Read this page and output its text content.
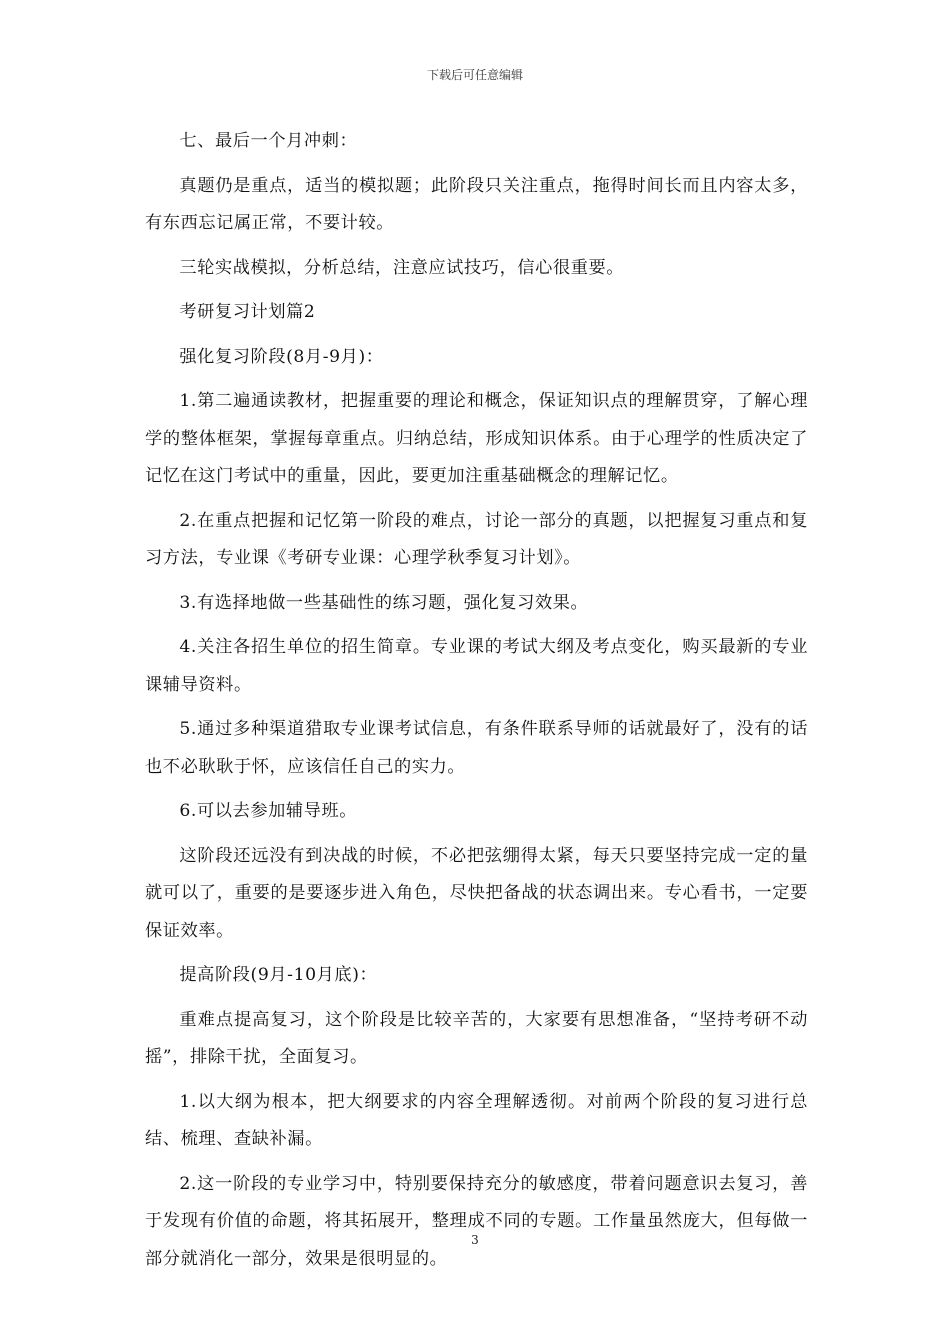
下载后可任意编辑

七、最后一个月冲刺：

真题仍是重点，适当的模拟题；此阶段只关注重点，拖得时间长而且内容太多，有东西忘记属正常，不要计较。

三轮实战模拟，分析总结，注意应试技巧，信心很重要。

考研复习计划篇2

强化复习阶段(8月-9月)：

1.第二遍通读教材，把握重要的理论和概念，保证知识点的理解贯穿，了解心理学的整体框架，掌握每章重点。归纳总结，形成知识体系。由于心理学的性质决定了记忆在这门考试中的重量，因此，要更加注重基础概念的理解记忆。

2.在重点把握和记忆第一阶段的难点，讨论一部分的真题，以把握复习重点和复习方法，专业课《考研专业课：心理学秋季复习计划》。

3.有选择地做一些基础性的练习题，强化复习效果。

4.关注各招生单位的招生简章。专业课的考试大纲及考点变化，购买最新的专业课辅导资料。

5.通过多种渠道猎取专业课考试信息，有条件联系导师的话就最好了，没有的话也不必耿耿于怀，应该信任自己的实力。

6.可以去参加辅导班。

这阶段还远没有到决战的时候，不必把弦绷得太紧，每天只要坚持完成一定的量就可以了，重要的是要逐步进入角色，尽快把备战的状态调出来。专心看书，一定要保证效率。

提高阶段(9月-10月底)：

重难点提高复习，这个阶段是比较辛苦的，大家要有思想准备，“坚持考研不动摇”，排除干扰，全面复习。

1.以大纲为根本，把大纲要求的内容全理解透彻。对前两个阶段的复习进行总结、梳理、查缺补漏。

2.这一阶段的专业学习中，特别要保持充分的敏感度，带着问题意识去复习，善于发现有价值的命题，将其拓展开，整理成不同的专题。工作量虽然庞大，但每做一部分就消化一部分，效果是很明显的。

3
